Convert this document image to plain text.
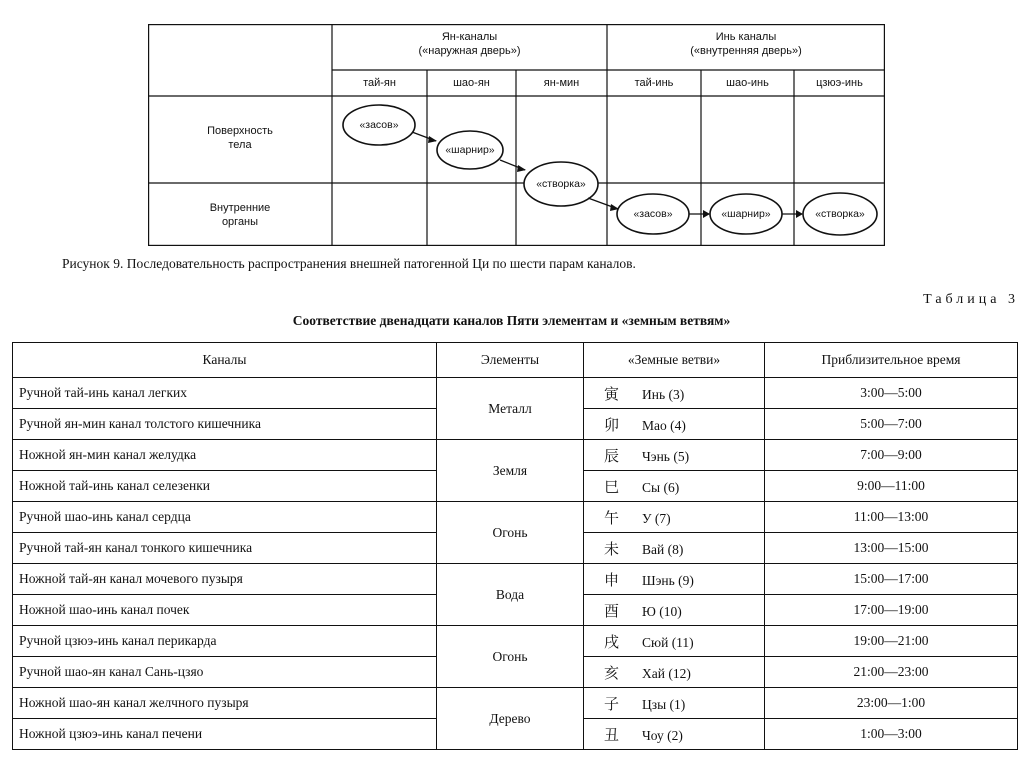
Ян-каналы
(«наружная дверь»)
Инь каналы
(«внутренняя дверь»)
тай-ян	шао-ян	ян-мин	тай-инь	шао-инь	цзюэ-инь
Поверхность
тела
Внутренние
органы
«засов»
«шарнир»
«створка»
«засов»	«шарнир»	«створка»
Рисунок 9. Последовательность распространения внешней патогенной Ци по шести парам каналов.
Таблица 3
Соответствие двенадцати каналов Пяти элементам и «земным ветвям»
Каналы	Элементы	«Земные ветви»	Приблизительное время
Ручной тай-инь канал легких	Металл	寅 Инь (3)	3:00—5:00
Ручной ян-мин канал толстого кишечника		卯 Мао (4)	5:00—7:00
Ножной ян-мин канал желудка	Земля	辰 Чэнь (5)	7:00—9:00
Ножной тай-инь канал селезенки		巳 Сы (6)	9:00—11:00
Ручной шао-инь канал сердца	Огонь	午 У (7)	11:00—13:00
Ручной тай-ян канал тонкого кишечника		未 Вай (8)	13:00—15:00
Ножной тай-ян канал мочевого пузыря	Вода	申 Шэнь (9)	15:00—17:00
Ножной шао-инь канал почек		酉 Ю (10)	17:00—19:00
Ручной цзюэ-инь канал перикарда	Огонь	戌 Сюй (11)	19:00—21:00
Ручной шао-ян канал Сань-цзяо		亥 Хай (12)	21:00—23:00
Ножной шао-ян канал желчного пузыря	Дерево	子 Цзы (1)	23:00—1:00
Ножной цзюэ-инь канал печени		丑 Чоу (2)	1:00—3:00
